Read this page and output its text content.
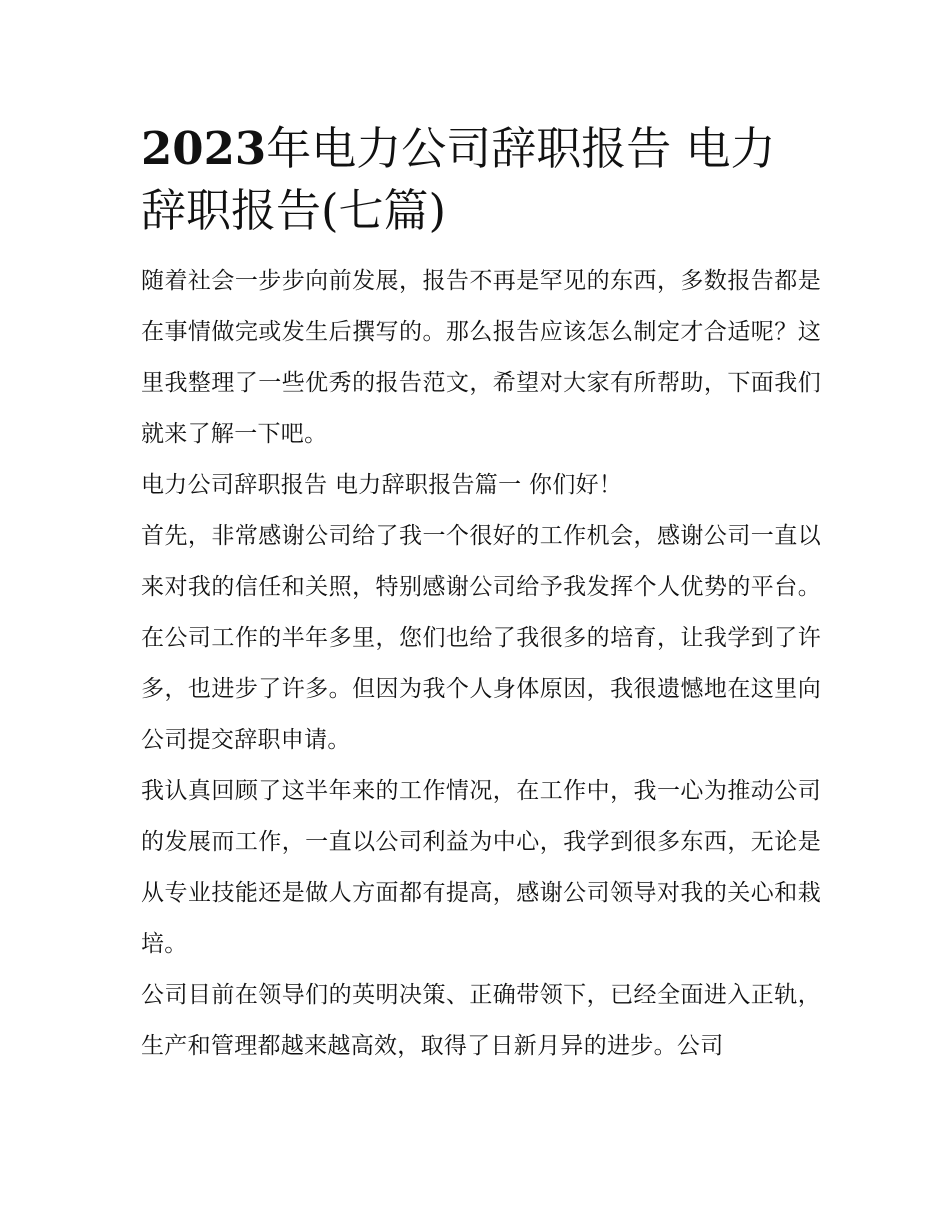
2023年电力公司辞职报告 电力辞职报告(七篇)

随着社会一步步向前发展，报告不再是罕见的东西，多数报告都是在事情做完或发生后撰写的。那么报告应该怎么制定才合适呢？这里我整理了一些优秀的报告范文，希望对大家有所帮助，下面我们就来了解一下吧。

电力公司辞职报告 电力辞职报告篇一 你们好！

首先，非常感谢公司给了我一个很好的工作机会，感谢公司一直以来对我的信任和关照，特别感谢公司给予我发挥个人优势的平台。在公司工作的半年多里，您们也给了我很多的培育，让我学到了许多，也进步了许多。但因为我个人身体原因，我很遗憾地在这里向公司提交辞职申请。

我认真回顾了这半年来的工作情况，在工作中，我一心为推动公司的发展而工作，一直以公司利益为中心，我学到很多东西，无论是从专业技能还是做人方面都有提高，感谢公司领导对我的关心和栽培。

公司目前在领导们的英明决策、正确带领下，已经全面进入正轨，生产和管理都越来越高效，取得了日新月异的进步。公司
